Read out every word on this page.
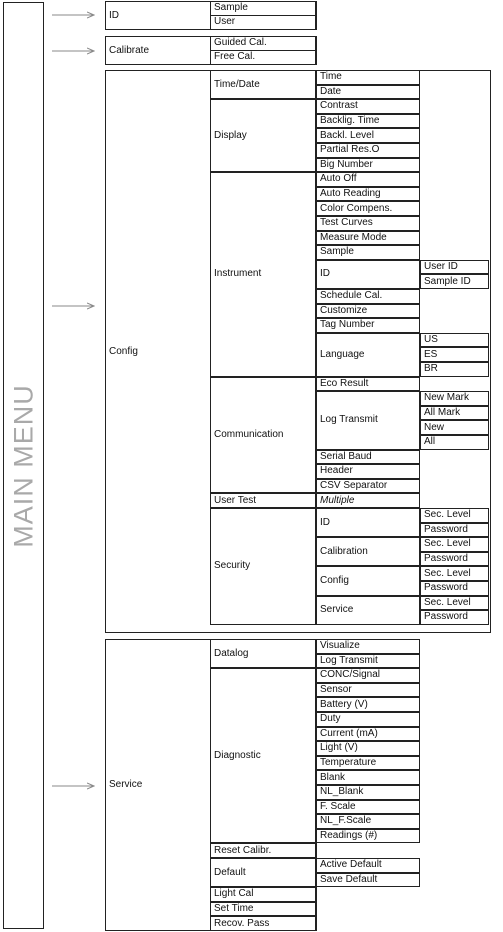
MAIN MENU
ID
Sample
User
Calibrate
Guided Cal.
Free Cal.
Config
Time/Date
Time
Date
Display
Contrast
Backlig. Time
Backl. Level
Partial Res.O
Big Number
Instrument
Auto Off
Auto Reading
Color Compens.
Test Curves
Measure Mode
Sample
ID
User ID
Sample ID
Schedule Cal.
Customize
Tag Number
Language
US
ES
BR
Communication
Eco Result
Log Transmit
New Mark
All Mark
New
All
Serial Baud
Header
CSV Separator
User Test	Multiple
Security
ID
Sec. Level
Password
Calibration
Sec. Level
Password
Config
Sec. Level
Password
Service
Sec. Level
Password
Service
Datalog
Visualize
Log Transmit
Diagnostic
CONC/Signal
Sensor
Battery (V)
Duty
Current (mA)
Light (V)
Temperature
Blank
NL_Blank
F. Scale
NL_F.Scale
Readings (#)
Reset Calibr.
Default
Active Default
Save Default
Light Cal
Set Time
Recov. Pass
